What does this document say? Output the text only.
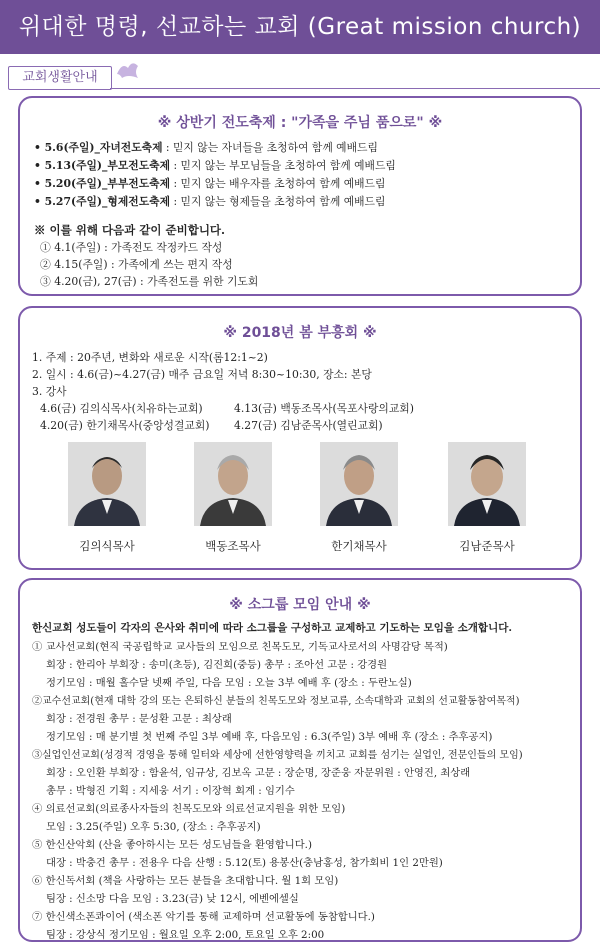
위대한 명령, 선교하는 교회 (Great mission church)
교회생활안내
※ 상반기 전도축제 : "가족을 주님 품으로" ※
• 5.6(주일)_자녀전도축제 : 믿지 않는 자녀들을 초청하여 함께 예배드림
• 5.13(주일)_부모전도축제 : 믿지 않는 부모님들을 초청하여 함께 예배드림
• 5.20(주일)_부부전도축제 : 믿지 않는 배우자를 초청하여 함께 예배드림
• 5.27(주일)_형제전도축제 : 믿지 않는 형제들을 초청하여 함께 예배드림
※ 이를 위해 다음과 같이 준비합니다.
① 4.1(주일) : 가족전도 작정카드 작성
② 4.15(주일) : 가족에게 쓰는 편지 작성
③ 4.20(금), 27(금) : 가족전도를 위한 기도회
※ 2018년 봄 부흥회 ※
1. 주제 : 20주년, 변화와 새로운 시작(롬12:1~2)
2. 일시 : 4.6(금)~4.27(금) 매주 금요일 저녁 8:30~10:30, 장소: 본당
3. 강사
4.6(금) 김의식목사(치유하는교회)	4.13(금) 백동조목사(목포사랑의교회)
4.20(금) 한기채목사(중앙성결교회) 4.27(금) 김남준목사(열린교회)
김의식목사	백동조목사	한기채목사	김남준목사
※ 소그룹 모임 안내 ※
한신교회 성도들이 각자의 은사와 취미에 따라 소그룹을 구성하고 교제하고 기도하는 모임을 소개합니다.
① 교사선교회(현직 국공립학교 교사들의 모임으로 친목도모, 기독교사로서의 사명감당 목적)
회장 : 한리아 부회장 : 송미(초등), 김진희(중등) 총무 : 조아선 고문 : 강경원
정기모임 : 매월 홀수달 넷째 주일, 다음 모임 : 오늘 3부 예배 후 (장소 : 두란노실)
②교수선교회(현재 대학 강의 또는 은퇴하신 분들의 친목도모와 정보교류, 소속대학과 교회의 선교활동참여목적)
회장 : 전경원 총무 : 문성환 고문 : 최상래
정기모임 : 매 분기별 첫 번째 주일 3부 예배 후, 다음모임 : 6.3(주일) 3부 예배 후 (장소 : 추후공지)
③실업인선교회(성경적 경영을 통해 일터와 세상에 선한영향력을 끼치고 교회를 섬기는 실업인, 전문인들의 모임)
회장 : 오인환 부회장 : 함윤석, 임규상, 김보옥 고문 : 장순명, 장준웅 자문위원 : 안영진, 최상래
총무 : 박형진 기획 : 지세웅 서기 : 이장혁 회계 : 임기수
④ 의료선교회(의료종사자들의 친목도모와 의료선교지원을 위한 모임)
모임 : 3.25(주일) 오후 5:30, (장소 : 추후공지)
⑤ 한신산악회 (산을 좋아하시는 모든 성도님들을 환영합니다.)
대장 : 박충건 총무 : 전용우 다음 산행 : 5.12(토) 용봉산(충남홍성, 참가회비 1인 2만원)
⑥ 한신독서회 (책을 사랑하는 모든 분들을 초대합니다. 월 1회 모임)
팀장 : 신소망 다음 모임 : 3.23(금) 낮 12시, 에벤에셀실
⑦ 한신색소폰콰이어 (색소폰 악기를 통해 교제하며 선교활동에 동참합니다.)
팀장 : 강상식 정기모임 : 월요일 오후 2:00, 토요일 오후 2:00
